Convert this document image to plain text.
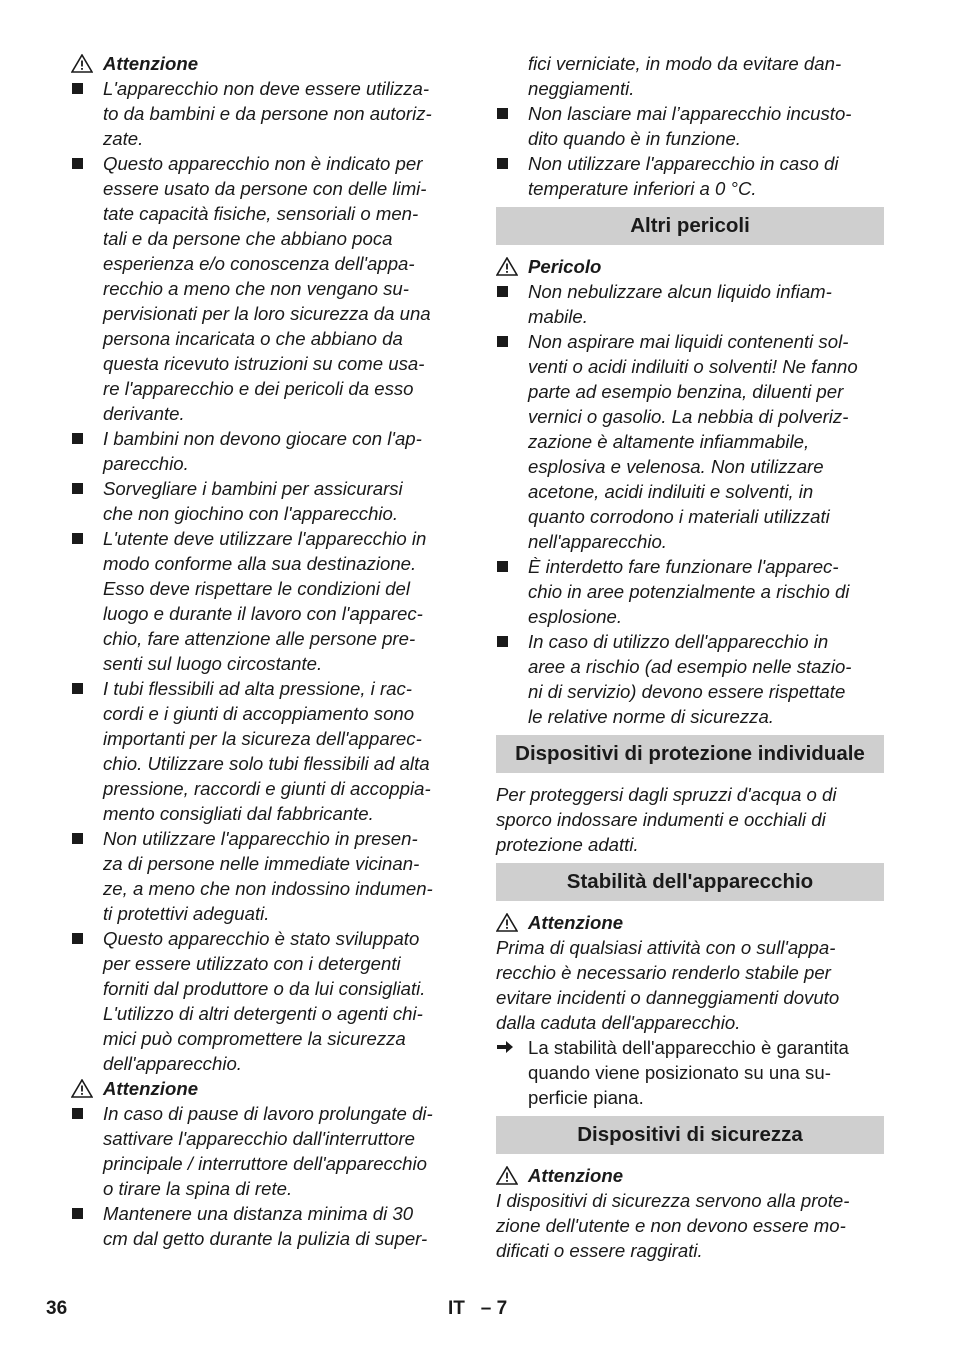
Attenzione
L'apparecchio non deve essere utilizza-
to da bambini e da persone non autoriz-
zate.
Questo apparecchio non è indicato per
essere usato da persone con delle limi-
tate capacità fisiche, sensoriali o men-
tali e da persone che abbiano poca
esperienza e/o conoscenza dell'appa-
recchio a meno che non vengano su-
pervisionati per la loro sicurezza da una
persona incaricata o che abbiano da
questa ricevuto istruzioni su come usa-
re l'apparecchio e dei pericoli da esso
derivante.
I bambini non devono giocare con l'ap-
parecchio.
Sorvegliare i bambini per assicurarsi
che non giochino con l'apparecchio.
L'utente deve utilizzare l'apparecchio in
modo conforme alla sua destinazione.
Esso deve rispettare le condizioni del
luogo e durante il lavoro con l'apparec-
chio, fare attenzione alle persone pre-
senti sul luogo circostante.
I tubi flessibili ad alta pressione, i rac-
cordi e i giunti di accoppiamento sono
importanti per la sicureza dell'apparec-
chio. Utilizzare solo tubi flessibili ad alta
pressione, raccordi e giunti di accoppia-
mento consigliati dal fabbricante.
Non utilizzare l'apparecchio in presen-
za di persone nelle immediate vicinan-
ze, a meno che non indossino indumen-
ti protettivi adeguati.
Questo apparecchio è stato sviluppato
per essere utilizzato con i detergenti
forniti dal produttore o da lui consigliati.
L'utilizzo di altri detergenti o agenti chi-
mici può compromettere la sicurezza
dell'apparecchio.
Attenzione
In caso di pause di lavoro prolungate di-
sattivare l'apparecchio dall'interruttore
principale / interruttore dell'apparecchio
o tirare la spina di rete.
Mantenere una distanza minima di 30
cm dal getto durante la pulizia di super-
fici verniciate, in modo da evitare dan-
neggiamenti.
Non lasciare mai l’apparecchio incusto-
dito quando è in funzione.
Non utilizzare l'apparecchio in caso di
temperature inferiori a 0 °C.
Altri pericoli
Pericolo
Non nebulizzare alcun liquido infiam-
mabile.
Non aspirare mai liquidi contenenti sol-
venti o acidi indiluiti o solventi! Ne fanno
parte ad esempio benzina, diluenti per
vernici o gasolio. La nebbia di polveriz-
zazione è altamente infiammabile,
esplosiva e velenosa. Non utilizzare
acetone, acidi indiluiti e solventi, in
quanto corrodono i materiali utilizzati
nell'apparecchio.
È interdetto fare funzionare l'apparec-
chio in aree potenzialmente a rischio di
esplosione.
In caso di utilizzo dell'apparecchio in
aree a rischio (ad esempio nelle stazio-
ni di servizio) devono essere rispettate
le relative norme di sicurezza.
Dispositivi di protezione individuale
Per proteggersi dagli spruzzi d'acqua o di
sporco indossare indumenti e occhiali di
protezione adatti.
Stabilità dell'apparecchio
Attenzione
Prima di qualsiasi attività con o sull'appa-
recchio è necessario renderlo stabile per
evitare incidenti o danneggiamenti dovuto
dalla caduta dell'apparecchio.
La stabilità dell'apparecchio è garantita
quando viene posizionato su una su-
perficie piana.
Dispositivi di sicurezza
Attenzione
I dispositivi di sicurezza servono alla prote-
zione dell'utente e non devono essere mo-
dificati o essere raggirati.
36	IT   – 7
